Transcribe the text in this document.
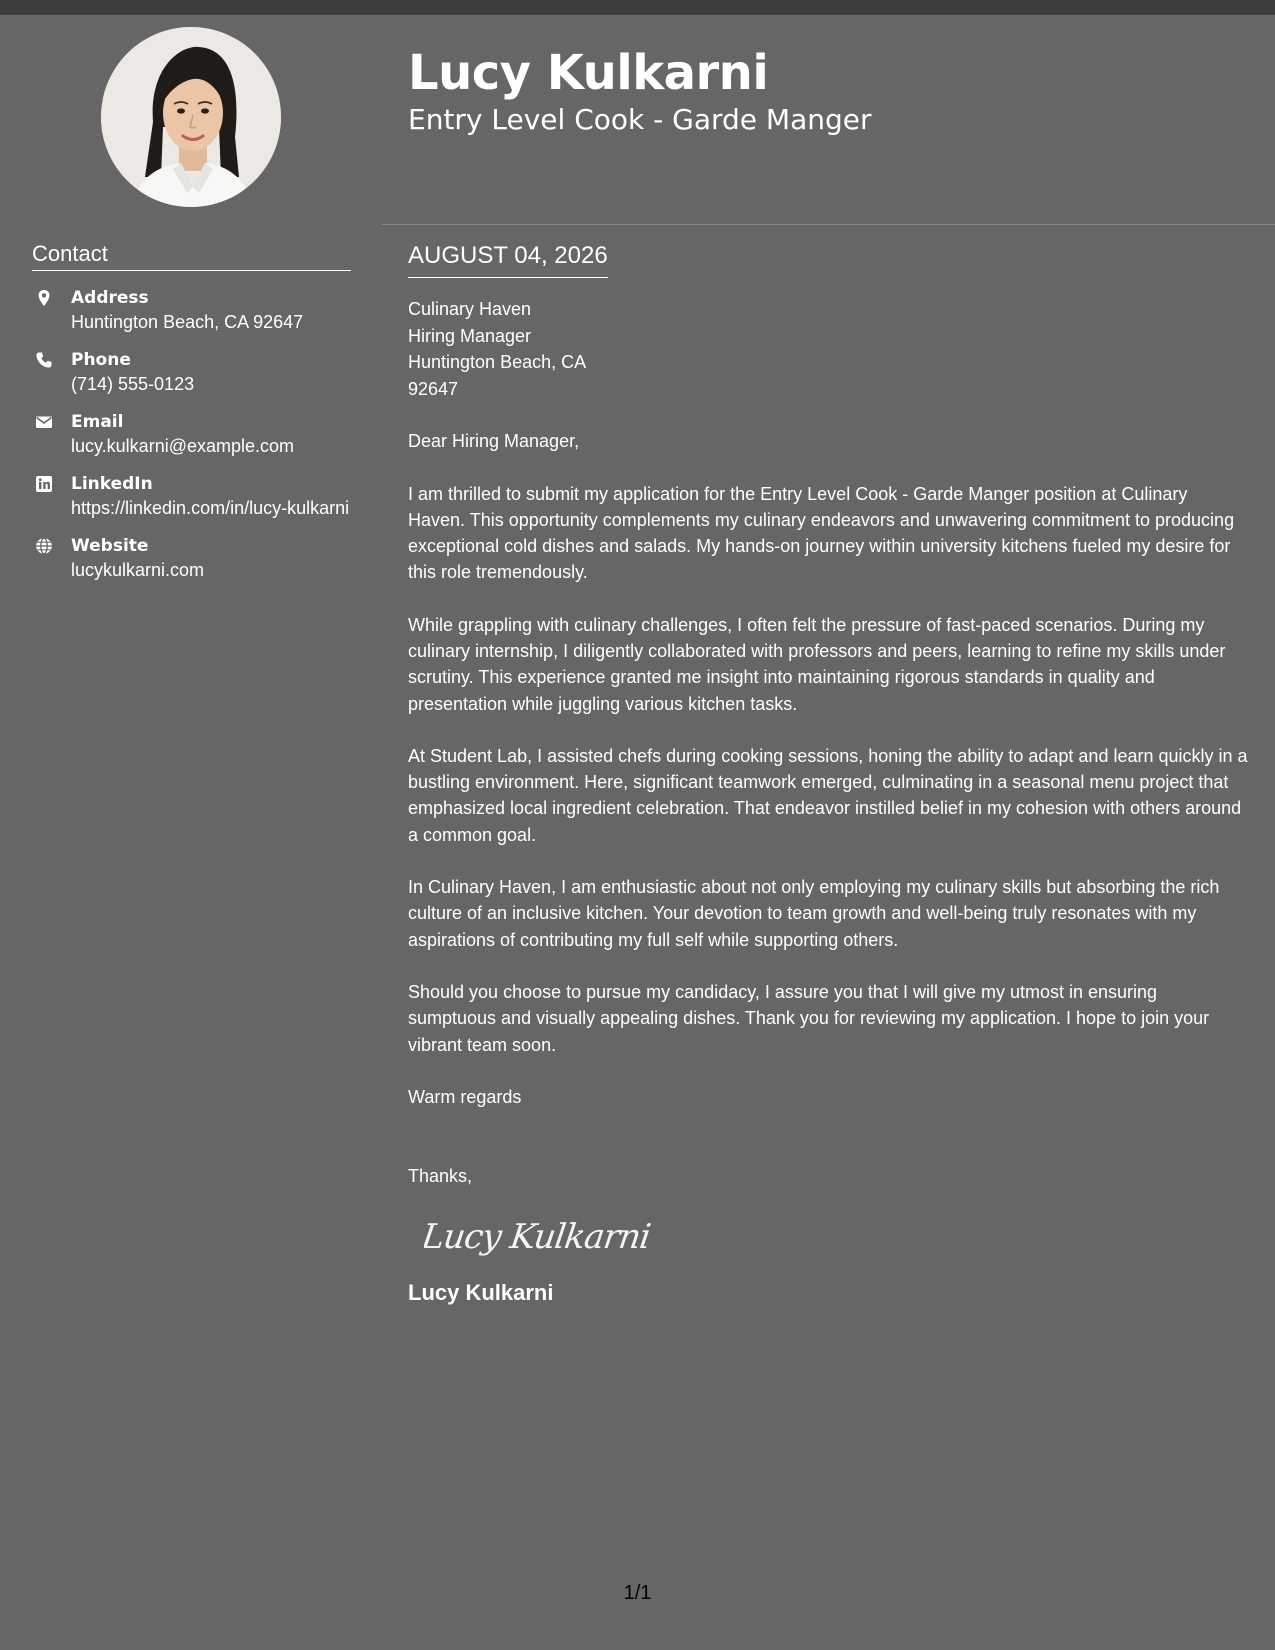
Contact
Address
Huntington Beach, CA 92647
Phone
(714) 555-0123
Email
lucy.kulkarni@example.com
LinkedIn
https://linkedin.com/in/lucy-kulkarni
Website
lucykulkarni.com
Lucy Kulkarni
Entry Level Cook - Garde Manger
AUGUST 04, 2026
Culinary Haven
Hiring Manager
Huntington Beach, CA
92647
Dear Hiring Manager,

I am thrilled to submit my application for the Entry Level Cook - Garde Manger position at Culinary Haven. This opportunity complements my culinary endeavors and unwavering commitment to producing exceptional cold dishes and salads. My hands-on journey within university kitchens fueled my desire for this role tremendously.

While grappling with culinary challenges, I often felt the pressure of fast-paced scenarios. During my culinary internship, I diligently collaborated with professors and peers, learning to refine my skills under scrutiny. This experience granted me insight into maintaining rigorous standards in quality and presentation while juggling various kitchen tasks.

At Student Lab, I assisted chefs during cooking sessions, honing the ability to adapt and learn quickly in a bustling environment. Here, significant teamwork emerged, culminating in a seasonal menu project that emphasized local ingredient celebration. That endeavor instilled belief in my cohesion with others around a common goal.

In Culinary Haven, I am enthusiastic about not only employing my culinary skills but absorbing the rich culture of an inclusive kitchen. Your devotion to team growth and well-being truly resonates with my aspirations of contributing my full self while supporting others.

Should you choose to pursue my candidacy, I assure you that I will give my utmost in ensuring sumptuous and visually appealing dishes. Thank you for reviewing my application. I hope to join your vibrant team soon.

Warm regards
Thanks,
Lucy Kulkarni
Lucy Kulkarni
1/1
